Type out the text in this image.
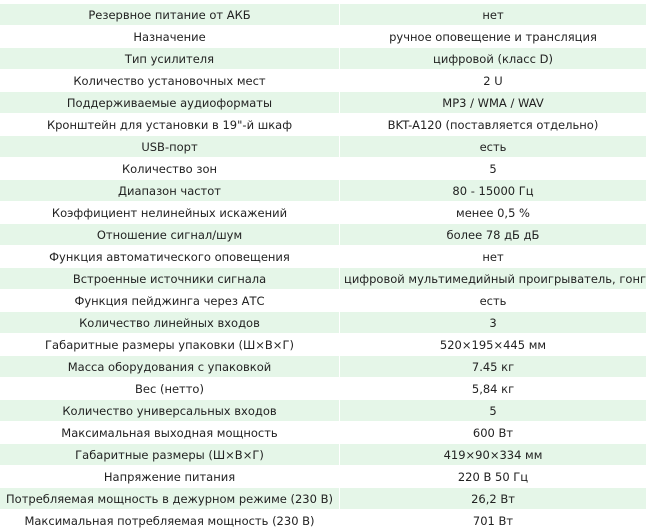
Резервное питание от АКБ	нет
Назначение	ручное оповещение и трансляция
Тип усилителя	цифровой (класс D)
Количество установочных мест	2 U
Поддерживаемые аудиоформаты	MP3 / WMA / WAV
Кронштейн для установки в 19"-й шкаф	BKT-A120 (поставляется отдельно)
USB-порт	есть
Количество зон	5
Диапазон частот	80 - 15000 Гц
Коэффициент нелинейных искажений	менее 0,5 %
Отношение сигнал/шум	более 78 дБ дБ
Функция автоматического оповещения	нет
Встроенные источники сигнала	цифровой мультимедийный проигрыватель, гонг
Функция пейджинга через АТС	есть
Количество линейных входов	3
Габаритные размеры упаковки (Ш×В×Г)	520×195×445 мм
Масса оборудования с упаковкой	7.45 кг
Вес (нетто)	5,84 кг
Количество универсальных входов	5
Максимальная выходная мощность	600 Вт
Габаритные размеры (Ш×В×Г)	419×90×334 мм
Напряжение питания	220 В 50 Гц
Потребляемая мощность в дежурном режиме (230 В)	26,2 Вт
Максимальная потребляемая мощность (230 В)	701 Вт
